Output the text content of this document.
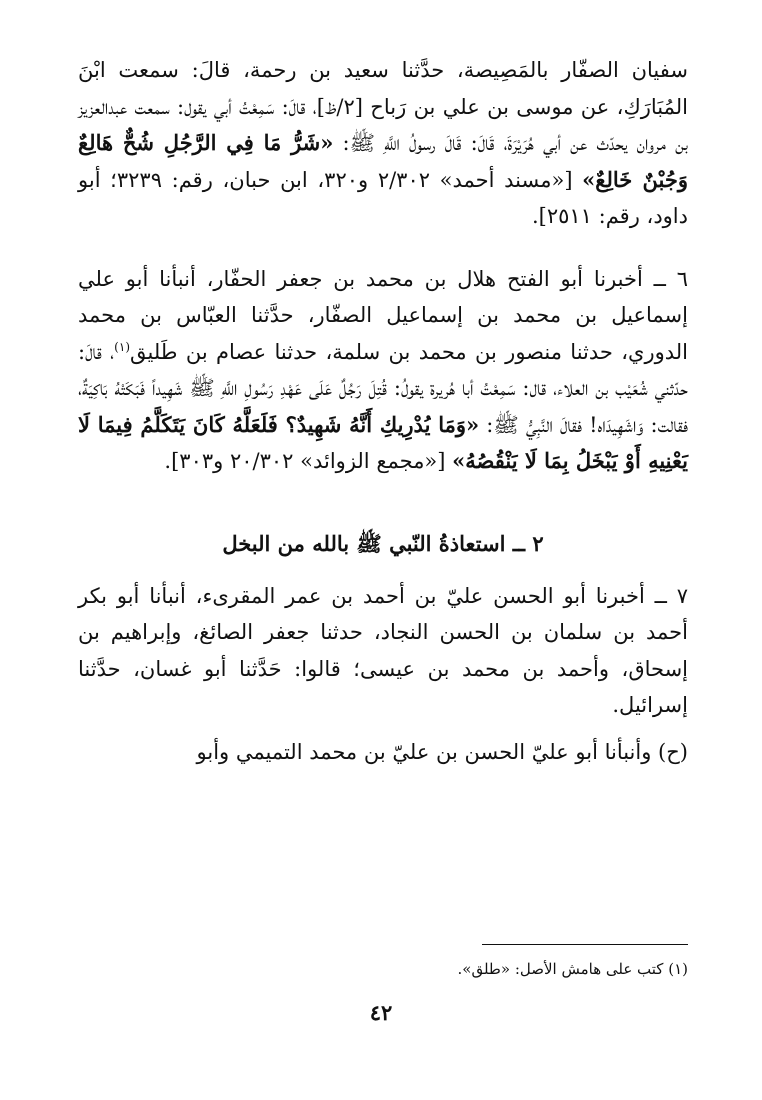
سفيان الصفّار بالمَصِيصة، حدَّثنا سعيد بن رحمة، قالَ: سمعت ابْنَ المُبَارَكِ، عن موسى بن علي بن رَباح [٢/ظ]، قالَ: سَمِعْتُ أبي يقول: سمعت عبدالعزيز بن مروان يحدّث عن أبي هُرَيْرَةَ، قَالَ: قَالَ رسولُ اللَّهِ ﷺ: «شَرُّ مَا فِي الرَّجُلِ شُحٌّ هَالِعٌ وَجُبْنٌ خَالِعٌ» [«مسند أحمد» ٢/٣٠٢ و٣٢٠، ابن حبان، رقم: ٣٢٣٩؛ أبو داود، رقم: ٢٥١١].

٦ ــ أخبرنا أبو الفتح هلال بن محمد بن جعفر الحفّار، أنبأنا أبو علي إسماعيل بن محمد بن إسماعيل الصفّار، حدَّثنا العبّاس بن محمد الدوري، حدثنا منصور بن محمد بن سلمة، حدثنا عصام بن طَليق$^{(١)}$، قالَ: حدّثني شُعَيْب بن العلاء، قال: سَمِعْتُ أبا هُريرة يقولُ: قُتِلَ رَجُلٌ عَلَى عَهْدِ رَسُولِ اللَّهِ ﷺ شَهِيداً فَبَكَتْهُ بَاكِيَةٌ، فقالت: وَاشَهِيدَاه! فقالَ النَّبِيُّ ﷺ: «وَمَا يُدْرِيكِ أَنَّهُ شَهِيدٌ؟ فَلَعَلَّهُ كَانَ يَتَكَلَّمُ فِيمَا لَا يَعْنِيهِ أَوْ يَبْخَلُ بِمَا لَا يَنْقُصُهُ» [«مجمع الزوائد» ٢٠/٣٠٢ و٣٠٣].

٢ ــ استعاذةُ النّبي ﷺ بالله من البخل

٧ ــ أخبرنا أبو الحسن عليّ بن أحمد بن عمر المقرىء، أنبأنا أبو بكر أحمد بن سلمان بن الحسن النجاد، حدثنا جعفر الصائغ، وإبراهيم بن إسحاق، وأحمد بن محمد بن عيسى؛ قالوا: حَدَّثنا أبو غسان، حدَّثنا إسرائيل.

(ح) وأنبأنا أبو عليّ الحسن بن عليّ بن محمد التميمي وأبو

(١) كتب على هامش الأصل: «طلق».
٤٢
